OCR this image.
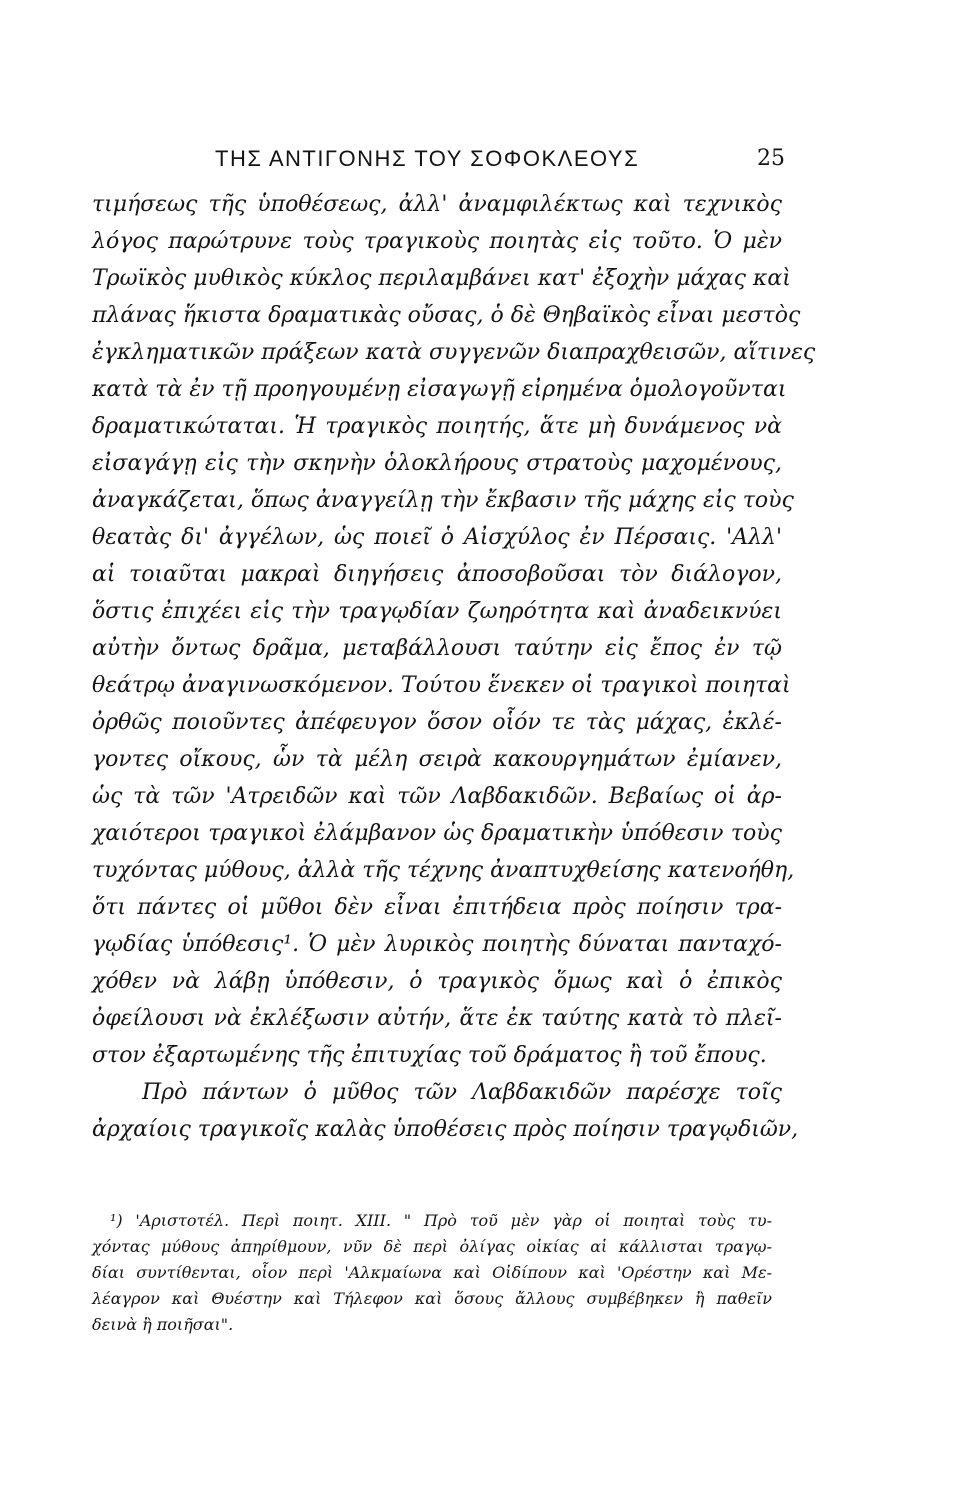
ΤΗΣ ΑΝΤΙΓΟΝΗΣ ΤΟΥ ΣΟΦΟΚΛΕΟΥΣ	25
τιμήσεως τῆς ὑποθέσεως, ἀλλ' ἀναμφιλέκτως καὶ τεχνικὸς
λόγος παρώτρυνε τοὺς τραγικοὺς ποιητὰς εἰς τοῦτο. Ὁ μὲν
Τρωϊκὸς μυθικὸς κύκλος περιλαμβάνει κατ' ἐξοχὴν μάχας καὶ
πλάνας ἥκιστα δραματικὰς οὔσας, ὁ δὲ Θηβαϊκὸς εἶναι μεστὸς
ἐγκληματικῶν πράξεων κατὰ συγγενῶν διαπραχθεισῶν, αἵτινες
κατὰ τὰ ἐν τῇ προηγουμένῃ εἰσαγωγῇ εἰρημένα ὁμολογοῦνται
δραματικώταται. Ἡ τραγικὸς ποιητής, ἅτε μὴ δυνάμενος νὰ
εἰσαγάγῃ εἰς τὴν σκηνὴν ὁλοκλήρους στρατοὺς μαχομένους,
ἀναγκάζεται, ὅπως ἀναγγείλῃ τὴν ἔκβασιν τῆς μάχης εἰς τοὺς
θεατὰς δι' ἀγγέλων, ὡς ποιεῖ ὁ Αἰσχύλος ἐν Πέρσαις. 'Αλλ'
αἱ τοιαῦται μακραὶ διηγήσεις ἀποσοβοῦσαι τὸν διάλογον,
ὅστις ἐπιχέει εἰς τὴν τραγῳδίαν ζωηρότητα καὶ ἀναδεικνύει
αὐτὴν ὄντως δρᾶμα, μεταβάλλουσι ταύτην εἰς ἔπος ἐν τῷ
θεάτρῳ ἀναγινωσκόμενον. Τούτου ἕνεκεν οἱ τραγικοὶ ποιηταὶ
ὀρθῶς ποιοῦντες ἀπέφευγον ὅσον οἷόν τε τὰς μάχας, ἐκλέ-
γοντες οἴκους, ὧν τὰ μέλη σειρὰ κακουργημάτων ἐμίανεν,
ὡς τὰ τῶν 'Ατρειδῶν καὶ τῶν Λαβδακιδῶν. Βεβαίως οἱ ἀρ-
χαιότεροι τραγικοὶ ἐλάμβανον ὡς δραματικὴν ὑπόθεσιν τοὺς
τυχόντας μύθους, ἀλλὰ τῆς τέχνης ἀναπτυχθείσης κατενοήθη,
ὅτι πάντες οἱ μῦθοι δὲν εἶναι ἐπιτήδεια πρὸς ποίησιν τρα-
γῳδίας ὑπόθεσις¹. Ὁ μὲν λυρικὸς ποιητὴς δύναται πανταχό-
χόθεν νὰ λάβῃ ὑπόθεσιν, ὁ τραγικὸς ὅμως καὶ ὁ ἐπικὸς
ὀφείλουσι νὰ ἐκλέξωσιν αὐτήν, ἅτε ἐκ ταύτης κατὰ τὸ πλεῖ-
στον ἐξαρτωμένης τῆς ἐπιτυχίας τοῦ δράματος ἢ τοῦ ἔπους.
Πρὸ πάντων ὁ μῦθος τῶν Λαβδακιδῶν παρέσχε τοῖς
ἀρχαίοις τραγικοῖς καλὰς ὑποθέσεις πρὸς ποίησιν τραγῳδιῶν,
¹) 'Αριστοτέλ. Περὶ ποιητ. XIII. " Πρὸ τοῦ μὲν γὰρ οἱ ποιηταὶ τοὺς τυ-
χόντας μύθους ἀπηρίθμουν, νῦν δὲ περὶ ὀλίγας οἰκίας αἱ κάλλισται τραγῳ-
δίαι συντίθενται, οἷον περὶ 'Αλκμαίωνα καὶ Οἰδίπουν καὶ 'Ορέστην καὶ Με-
λέαγρον καὶ Θυέστην καὶ Τήλεφον καὶ ὅσους ἄλλους συμβέβηκεν ἢ παθεῖν
δεινὰ ἢ ποιῆσαι".
